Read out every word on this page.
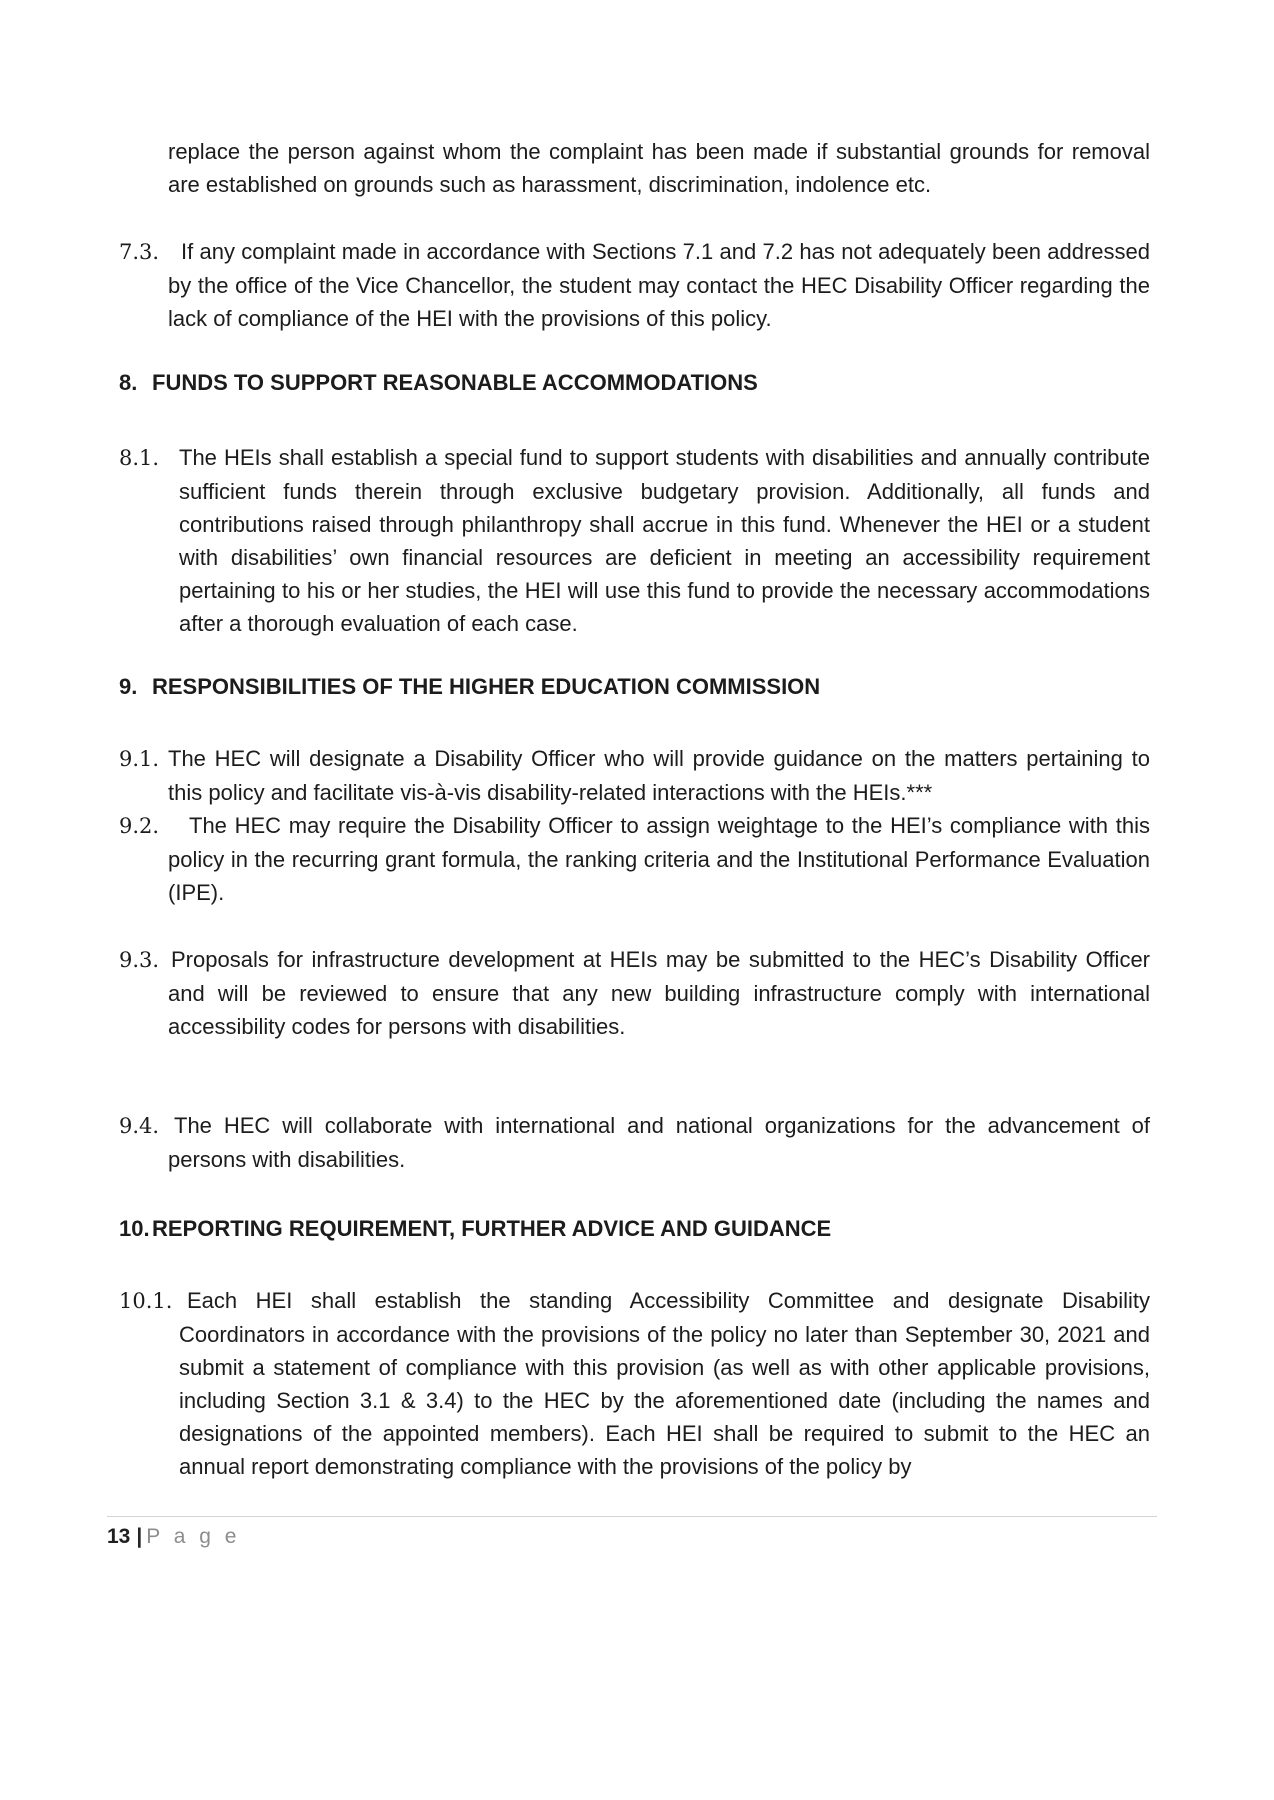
replace the person against whom the complaint has been made if substantial grounds for removal are established on grounds such as harassment, discrimination, indolence etc.

7.3. If any complaint made in accordance with Sections 7.1 and 7.2 has not adequately been addressed by the office of the Vice Chancellor, the student may contact the HEC Disability Officer regarding the lack of compliance of the HEI with the provisions of this policy.

8. FUNDS TO SUPPORT REASONABLE ACCOMMODATIONS

8.1. The HEIs shall establish a special fund to support students with disabilities and annually contribute sufficient funds therein through exclusive budgetary provision. Additionally, all funds and contributions raised through philanthropy shall accrue in this fund. Whenever the HEI or a student with disabilities’ own financial resources are deficient in meeting an accessibility requirement pertaining to his or her studies, the HEI will use this fund to provide the necessary accommodations after a thorough evaluation of each case.

9. RESPONSIBILITIES OF THE HIGHER EDUCATION COMMISSION

9.1. The HEC will designate a Disability Officer who will provide guidance on the matters pertaining to this policy and facilitate vis-à-vis disability-related interactions with the HEIs.***

9.2. The HEC may require the Disability Officer to assign weightage to the HEI’s compliance with this policy in the recurring grant formula, the ranking criteria and the Institutional Performance Evaluation (IPE).

9.3. Proposals for infrastructure development at HEIs may be submitted to the HEC’s Disability Officer and will be reviewed to ensure that any new building infrastructure comply with international accessibility codes for persons with disabilities.

9.4. The HEC will collaborate with international and national organizations for the advancement of persons with disabilities.

10. REPORTING REQUIREMENT, FURTHER ADVICE AND GUIDANCE

10.1. Each HEI shall establish the standing Accessibility Committee and designate Disability Coordinators in accordance with the provisions of the policy no later than September 30, 2021 and submit a statement of compliance with this provision (as well as with other applicable provisions, including Section 3.1 & 3.4) to the HEC by the aforementioned date (including the names and designations of the appointed members). Each HEI shall be required to submit to the HEC an annual report demonstrating compliance with the provisions of the policy by

13 | P a g e
